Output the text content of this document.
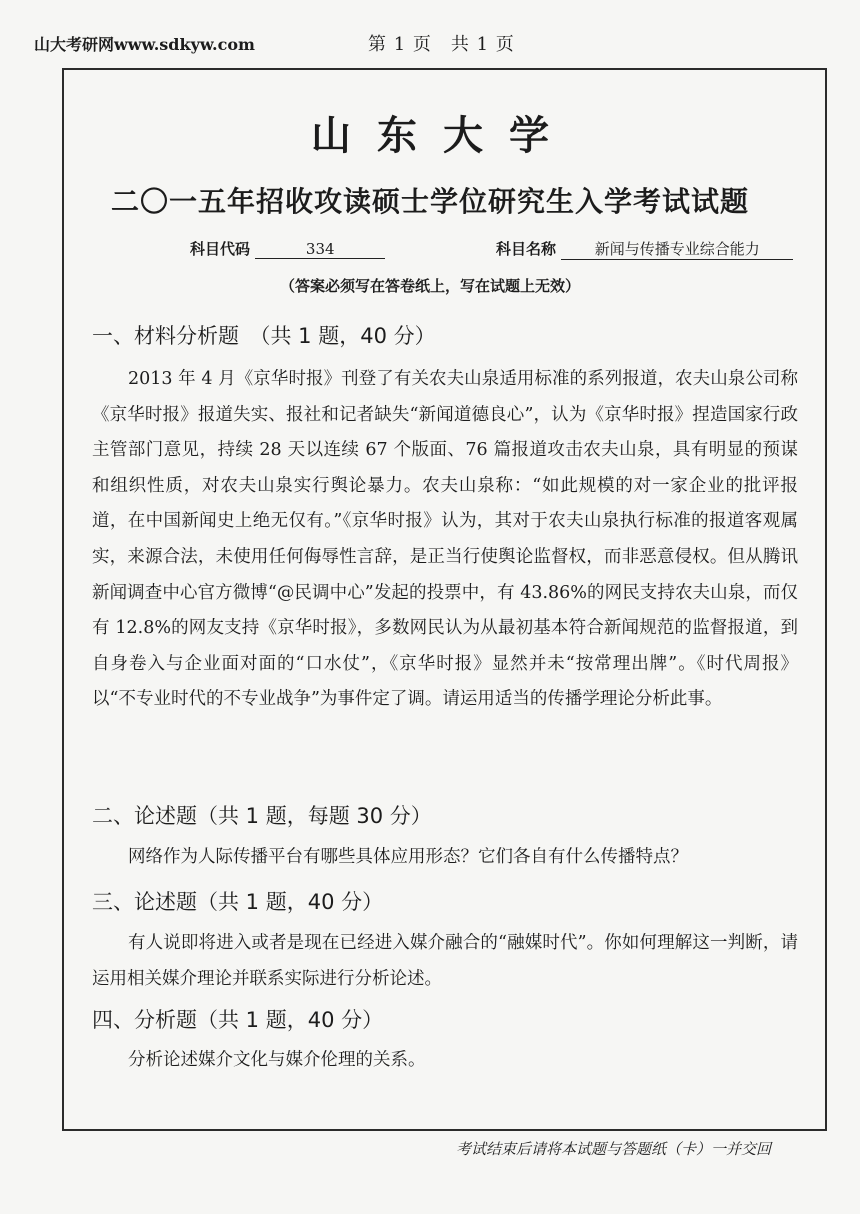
山大考研网www.sdkyw.com	第 1 页　共 1 页
山东大学
二〇一五年招收攻读硕士学位研究生入学考试试题
科目代码	334	科目名称	新闻与传播专业综合能力
（答案必须写在答卷纸上，写在试题上无效）
一、材料分析题　（共 1 题，40 分）
2013 年 4 月《京华时报》刊登了有关农夫山泉适用标准的系列报道，农夫山泉公司称《京华时报》报道失实、报社和记者缺失“新闻道德良心”，认为《京华时报》捏造国家行政主管部门意见，持续 28 天以连续 67 个版面、76 篇报道攻击农夫山泉，具有明显的预谋和组织性质，对农夫山泉实行舆论暴力。农夫山泉称：“如此规模的对一家企业的批评报道，在中国新闻史上绝无仅有。”《京华时报》认为，其对于农夫山泉执行标准的报道客观属实，来源合法，未使用任何侮辱性言辞，是正当行使舆论监督权，而非恶意侵权。但从腾讯新闻调查中心官方微博“@民调中心”发起的投票中，有 43.86%的网民支持农夫山泉，而仅有 12.8%的网友支持《京华时报》，多数网民认为从最初基本符合新闻规范的监督报道，到自身卷入与企业面对面的“口水仗”，《京华时报》显然并未“按常理出牌”。《时代周报》以“不专业时代的不专业战争”为事件定了调。请运用适当的传播学理论分析此事。
二、论述题（共 1 题，每题 30 分）
网络作为人际传播平台有哪些具体应用形态？它们各自有什么传播特点？
三、论述题（共 1 题，40 分）
有人说即将进入或者是现在已经进入媒介融合的“融媒时代”。你如何理解这一判断，请运用相关媒介理论并联系实际进行分析论述。
四、分析题（共 1 题，40 分）
分析论述媒介文化与媒介伦理的关系。
考试结束后请将本试题与答题纸（卡）一并交回
